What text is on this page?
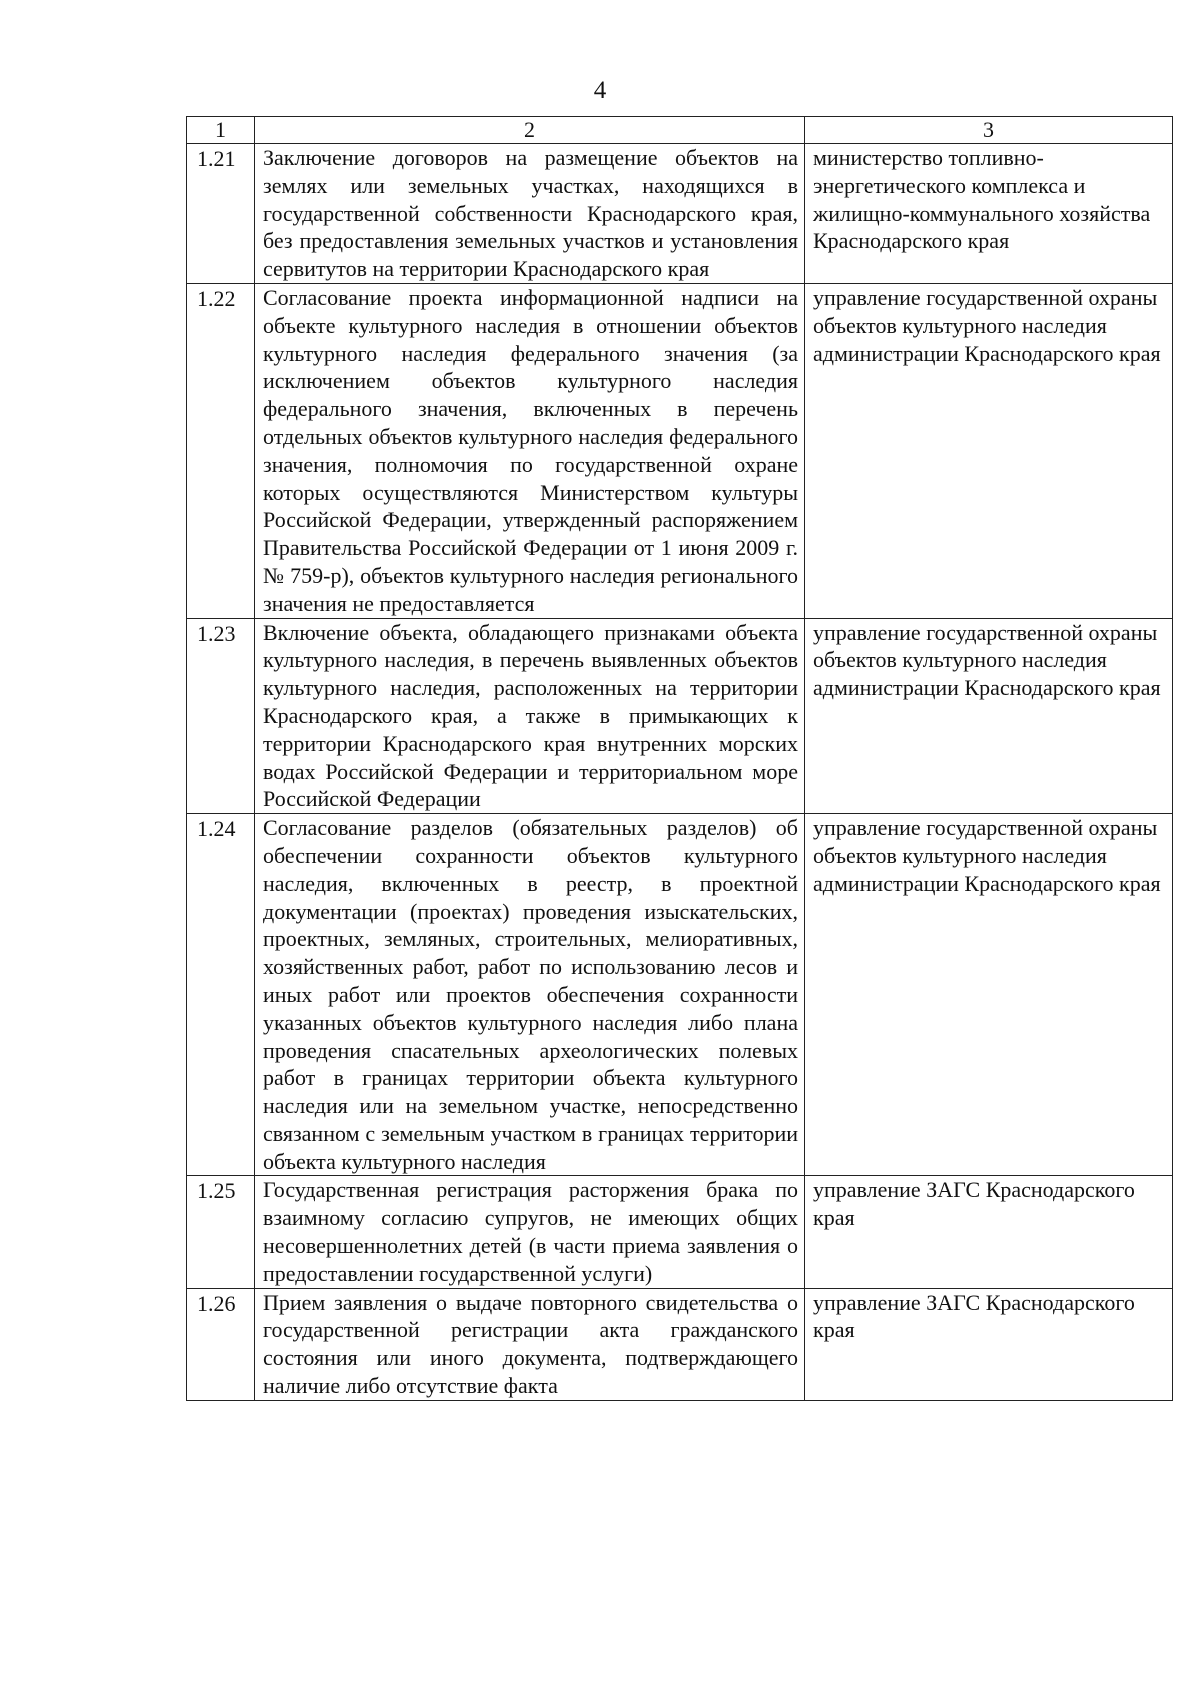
4
1	2	3
1.21	Заключение договоров на размещение объектов на землях или земельных участках, находящихся в государственной собственности Краснодарского края, без предоставления земельных участков и установления сервитутов на территории Краснодарского края	министерство топливно-энергетического комплекса и жилищно-коммунального хозяйства Краснодарского края
1.22	Согласование проекта информационной надписи на объекте культурного наследия в отношении объектов культурного наследия федерального значения (за исключением объектов культурного наследия федерального значения, включенных в перечень отдельных объектов культурного наследия федерального значения, полномочия по государственной охране которых осуществляются Министерством культуры Российской Федерации, утвержденный распоряжением Правительства Российской Федерации от 1 июня 2009 г. № 759-р), объектов культурного наследия регионального значения не предоставляется	управление государственной охраны объектов культурного наследия администрации Краснодарского края
1.23	Включение объекта, обладающего признаками объекта культурного наследия, в перечень выявленных объектов культурного наследия, расположенных на территории Краснодарского края, а также в примыкающих к территории Краснодарского края внутренних морских водах Российской Федерации и территориальном море Российской Федерации	управление государственной охраны объектов культурного наследия администрации Краснодарского края
1.24	Согласование разделов (обязательных разделов) об обеспечении сохранности объектов культурного наследия, включенных в реестр, в проектной документации (проектах) проведения изыскательских, проектных, земляных, строительных, мелиоративных, хозяйственных работ, работ по использованию лесов и иных работ или проектов обеспечения сохранности указанных объектов культурного наследия либо плана проведения спасательных археологических полевых работ в границах территории объекта культурного наследия или на земельном участке, непосредственно связанном с земельным участком в границах территории объекта культурного наследия	управление государственной охраны объектов культурного наследия администрации Краснодарского края
1.25	Государственная регистрация расторжения брака по взаимному согласию супругов, не имеющих общих несовершеннолетних детей (в части приема заявления о предоставлении государственной услуги)	управление ЗАГС Краснодарского края
1.26	Прием заявления о выдаче повторного свидетельства о государственной регистрации акта гражданского состояния или иного документа, подтверждающего наличие либо отсутствие факта	управление ЗАГС Краснодарского края
